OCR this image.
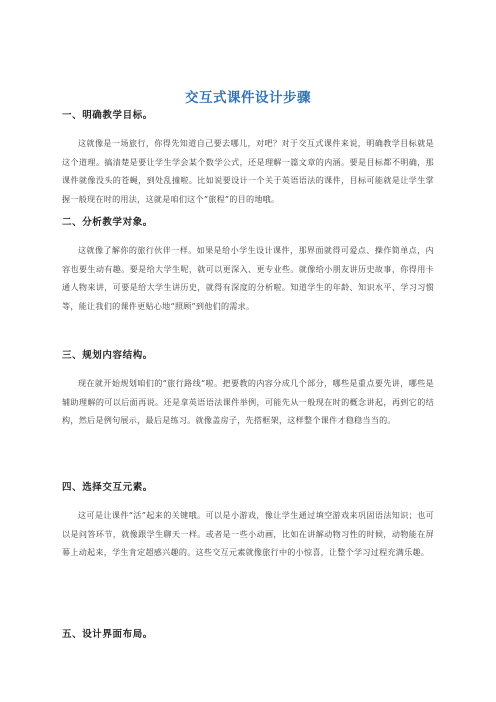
交互式课件设计步骤
一、明确教学目标。
这就像是一场旅行，你得先知道自己要去哪儿，对吧？对于交互式课件来说，明确教学目标就是这个道理。搞清楚是要让学生学会某个数学公式，还是理解一篇文章的内涵。要是目标都不明确，那课件就像没头的苍蝇，到处乱撞啦。比如说要设计一个关于英语语法的课件，目标可能就是让学生掌握一般现在时的用法，这就是咱们这个“旅程”的目的地哦。
二、分析教学对象。
这就像了解你的旅行伙伴一样。如果是给小学生设计课件，那界面就得可爱点、操作简单点，内容也要生动有趣。要是给大学生呢，就可以更深入、更专业些。就像给小朋友讲历史故事，你得用卡通人物来讲，可要是给大学生讲历史，就得有深度的分析啦。知道学生的年龄、知识水平、学习习惯等，能让我们的课件更贴心地“照顾”到他们的需求。
三、规划内容结构。
现在就开始规划咱们的“旅行路线”啦。把要教的内容分成几个部分，哪些是重点要先讲，哪些是辅助理解的可以后面再说。还是拿英语语法课件举例，可能先从一般现在时的概念讲起，再到它的结构，然后是例句展示，最后是练习。就像盖房子，先搭框架，这样整个课件才稳稳当当的。
四、选择交互元素。
这可是让课件“活”起来的关键哦。可以是小游戏，像让学生通过填空游戏来巩固语法知识；也可以是问答环节，就像跟学生聊天一样。或者是一些小动画，比如在讲解动物习性的时候，动物能在屏幕上动起来，学生肯定超感兴趣的。这些交互元素就像旅行中的小惊喜，让整个学习过程充满乐趣。
五、设计界面布局。
